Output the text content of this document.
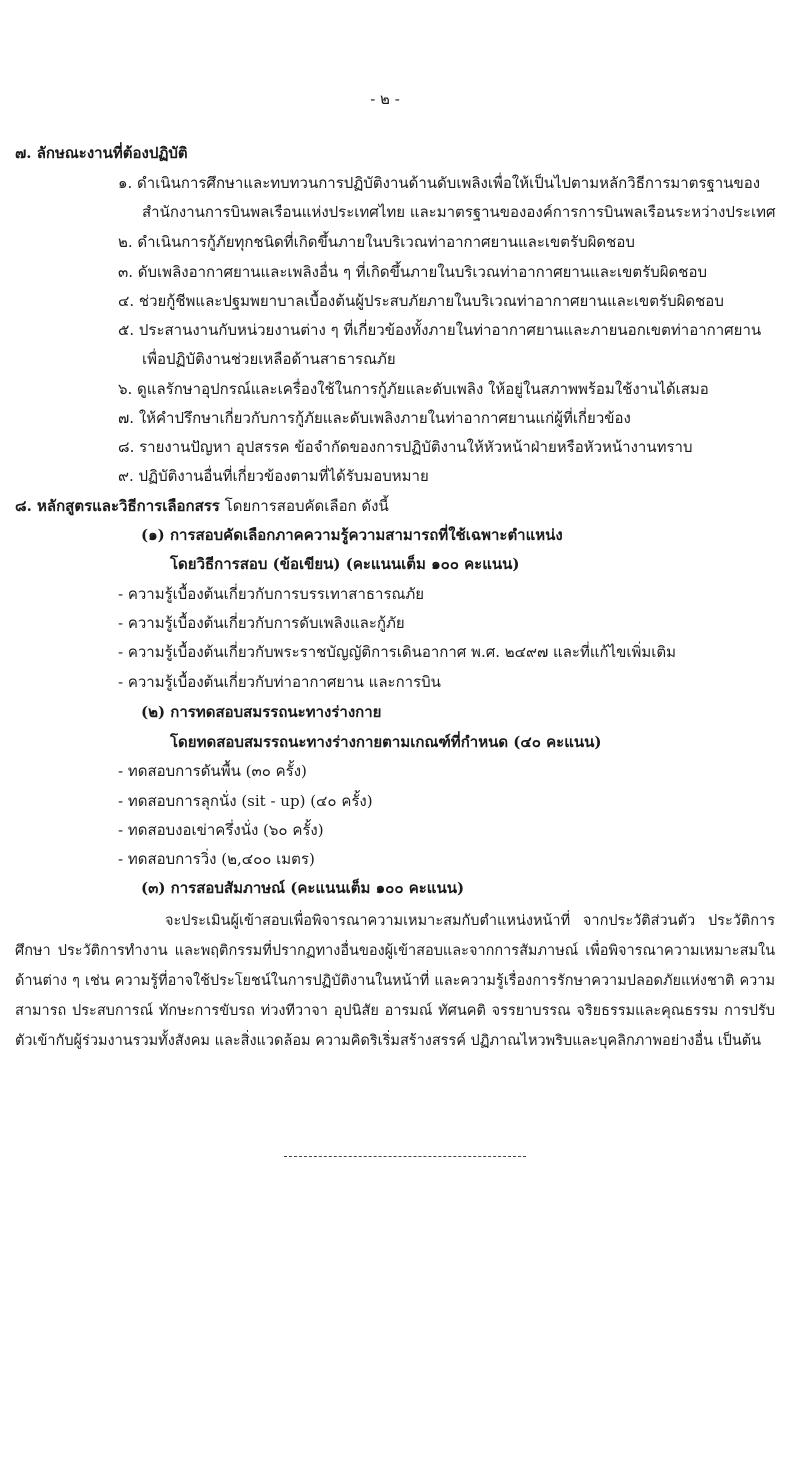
- ๒ -
๗. ลักษณะงานที่ต้องปฏิบัติ
๑. ดำเนินการศึกษาและทบทวนการปฏิบัติงานด้านดับเพลิงเพื่อให้เป็นไปตามหลักวิธีการมาตรฐานของ
สำนักงานการบินพลเรือนแห่งประเทศไทย และมาตรฐานขององค์การการบินพลเรือนระหว่างประเทศ
๒. ดำเนินการกู้ภัยทุกชนิดที่เกิดขึ้นภายในบริเวณท่าอากาศยานและเขตรับผิดชอบ
๓. ดับเพลิงอากาศยานและเพลิงอื่น ๆ ที่เกิดขึ้นภายในบริเวณท่าอากาศยานและเขตรับผิดชอบ
๔. ช่วยกู้ชีพและปฐมพยาบาลเบื้องต้นผู้ประสบภัยภายในบริเวณท่าอากาศยานและเขตรับผิดชอบ
๕. ประสานงานกับหน่วยงานต่าง ๆ ที่เกี่ยวข้องทั้งภายในท่าอากาศยานและภายนอกเขตท่าอากาศยาน
เพื่อปฏิบัติงานช่วยเหลือด้านสาธารณภัย
๖. ดูแลรักษาอุปกรณ์และเครื่องใช้ในการกู้ภัยและดับเพลิง ให้อยู่ในสภาพพร้อมใช้งานได้เสมอ
๗. ให้คำปรึกษาเกี่ยวกับการกู้ภัยและดับเพลิงภายในท่าอากาศยานแก่ผู้ที่เกี่ยวข้อง
๘. รายงานปัญหา อุปสรรค ข้อจำกัดของการปฏิบัติงานให้หัวหน้าฝ่ายหรือหัวหน้างานทราบ
๙. ปฏิบัติงานอื่นที่เกี่ยวข้องตามที่ได้รับมอบหมาย
๘. หลักสูตรและวิธีการเลือกสรร โดยการสอบคัดเลือก ดังนี้
(๑) การสอบคัดเลือกภาคความรู้ความสามารถที่ใช้เฉพาะตำแหน่ง
โดยวิธีการสอบ (ข้อเขียน) (คะแนนเต็ม ๑๐๐ คะแนน)
- ความรู้เบื้องต้นเกี่ยวกับการบรรเทาสาธารณภัย
- ความรู้เบื้องต้นเกี่ยวกับการดับเพลิงและกู้ภัย
- ความรู้เบื้องต้นเกี่ยวกับพระราชบัญญัติการเดินอากาศ พ.ศ. ๒๔๙๗ และที่แก้ไขเพิ่มเติม
- ความรู้เบื้องต้นเกี่ยวกับท่าอากาศยาน และการบิน
(๒) การทดสอบสมรรถนะทางร่างกาย
โดยทดสอบสมรรถนะทางร่างกายตามเกณฑ์ที่กำหนด (๔๐ คะแนน)
- ทดสอบการดันพื้น (๓๐ ครั้ง)
- ทดสอบการลุกนั่ง (sit - up) (๔๐ ครั้ง)
- ทดสอบงอเข่าครึ่งนั่ง (๖๐ ครั้ง)
- ทดสอบการวิ่ง (๒,๔๐๐ เมตร)
(๓) การสอบสัมภาษณ์ (คะแนนเต็ม ๑๐๐ คะแนน)
จะประเมินผู้เข้าสอบเพื่อพิจารณาความเหมาะสมกับตำแหน่งหน้าที่ จากประวัติส่วนตัว ประวัติการศึกษา ประวัติการทำงาน และพฤติกรรมที่ปรากฏทางอื่นของผู้เข้าสอบและจากการสัมภาษณ์ เพื่อพิจารณาความเหมาะสมในด้านต่าง ๆ เช่น ความรู้ที่อาจใช้ประโยชน์ในการปฏิบัติงานในหน้าที่ และความรู้เรื่องการรักษาความปลอดภัยแห่งชาติ ความสามารถ ประสบการณ์ ทักษะการขับรถ ท่วงทีวาจา อุปนิสัย อารมณ์ ทัศนคติ จรรยาบรรณ จริยธรรมและคุณธรรม การปรับตัวเข้ากับผู้ร่วมงานรวมทั้งสังคม และสิ่งแวดล้อม ความคิดริเริ่มสร้างสรรค์ ปฏิภาณไหวพริบและบุคลิกภาพอย่างอื่น เป็นต้น
